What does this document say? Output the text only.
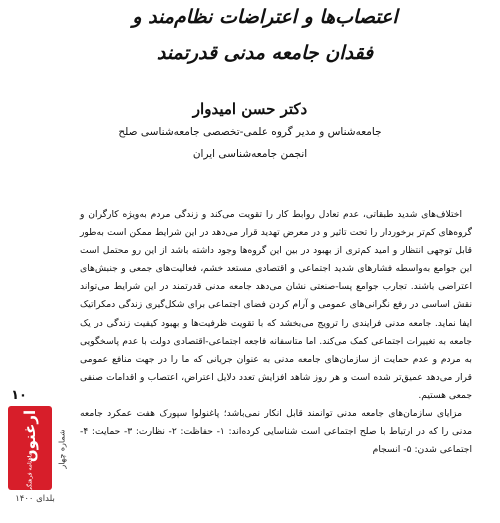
اعتصاب‌ها و اعتراضات نظام‌مند و
فقدان جامعه مدنی قدرتمند

دکتر حسن امیدوار

جامعه‌شناس و مدیر گروه علمی-تخصصی جامعه‌شناسی صلح

انجمن جامعه‌شناسی ایران

اختلاف‌های شدید طبقاتی، عدم تعادل روابط کار را تقویت می‌کند و زندگی مردم به‌ویژه کارگران و گروه‌های کم‌تر برخوردار را تحت تاثیر و در معرض تهدید قرار می‌دهد در این شرایط ممکن است به‌طور قابل توجهی انتظار و امید کم‌تری از بهبود در بین این گروه‌ها وجود داشته باشد از این رو محتمل است این جوامع به‌واسطه فشارهای شدید اجتماعی و اقتصادی مستعد خشم، فعالیت‌های جمعی و جنبش‌های اعتراضی باشند. تجارب جوامع پسا-صنعتی نشان می‌دهد جامعه مدنی قدرتمند در این شرایط می‌تواند نقش اساسی در رفع نگرانی‌های عمومی و آرام کردن فضای اجتماعی برای شکل‌گیری زندگی دمکراتیک ایفا نماید. جامعه مدنی فرایندی را ترویج می‌بخشد که با تقویت ظرفیت‌ها و بهبود کیفیت زندگی در یک جامعه به تغییرات اجتماعی کمک می‌کند. اما متاسفانه فاجعه اجتماعی-اقتصادی دولت با عدم پاسخگویی به مردم و عدم حمایت از سازمان‌های جامعه مدنی به عنوان جریانی که ما را در جهت منافع عمومی قرار می‌دهد عمیق‌تر شده است و هر روز شاهد افزایش تعدد دلایل اعتراض، اعتصاب و اقدامات صنفی جمعی هستیم.

مزایای سازمان‌های جامعه مدنی توانمند قابل انکار نمی‌باشد؛ پاغنولوا سپورک هفت عمکرد جامعه مدنی را که در ارتباط با صلح اجتماعی است شناسایی کرده‌اند: ۱- حفاظت: ۲- نظارت: ۳- حمایت: ۴- اجتماعی شدن: ۵- انسجام

۱۰

ارغنون
ماهنامه فرهنگی
شماره چهار

بلدای ۱۴۰۰
